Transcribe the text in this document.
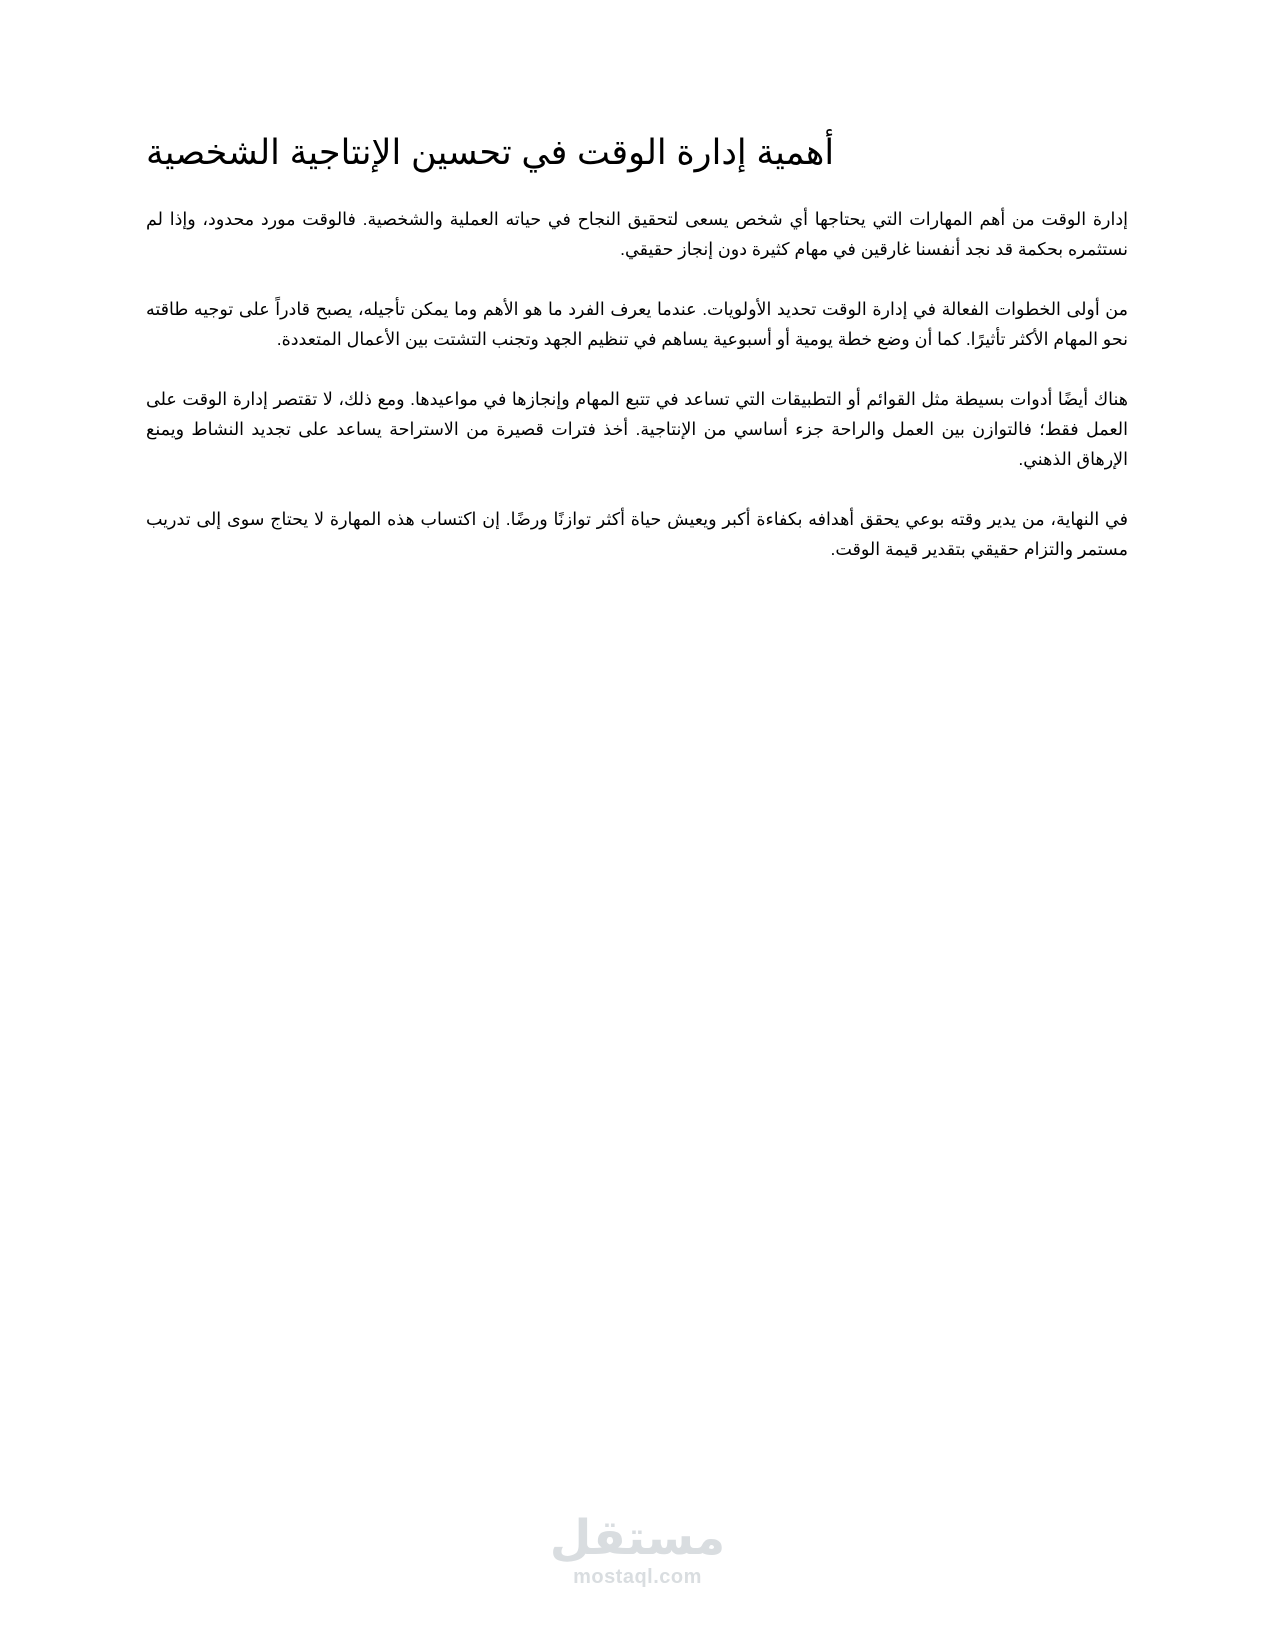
أهمية إدارة الوقت في تحسين الإنتاجية الشخصية

إدارة الوقت من أهم المهارات التي يحتاجها أي شخص يسعى لتحقيق النجاح في حياته العملية والشخصية. فالوقت مورد محدود، وإذا لم نستثمره بحكمة قد نجد أنفسنا غارقين في مهام كثيرة دون إنجاز حقيقي.

من أولى الخطوات الفعالة في إدارة الوقت تحديد الأولويات. عندما يعرف الفرد ما هو الأهم وما يمكن تأجيله، يصبح قادراً على توجيه طاقته نحو المهام الأكثر تأثيرًا. كما أن وضع خطة يومية أو أسبوعية يساهم في تنظيم الجهد وتجنب التشتت بين الأعمال المتعددة.

هناك أيضًا أدوات بسيطة مثل القوائم أو التطبيقات التي تساعد في تتبع المهام وإنجازها في مواعيدها. ومع ذلك، لا تقتصر إدارة الوقت على العمل فقط؛ فالتوازن بين العمل والراحة جزء أساسي من الإنتاجية. أخذ فترات قصيرة من الاستراحة يساعد على تجديد النشاط ويمنع الإرهاق الذهني.

في النهاية، من يدير وقته بوعي يحقق أهدافه بكفاءة أكبر ويعيش حياة أكثر توازنًا ورضًا. إن اكتساب هذه المهارة لا يحتاج سوى إلى تدريب مستمر والتزام حقيقي بتقدير قيمة الوقت.

مستقل
mostaql.com
